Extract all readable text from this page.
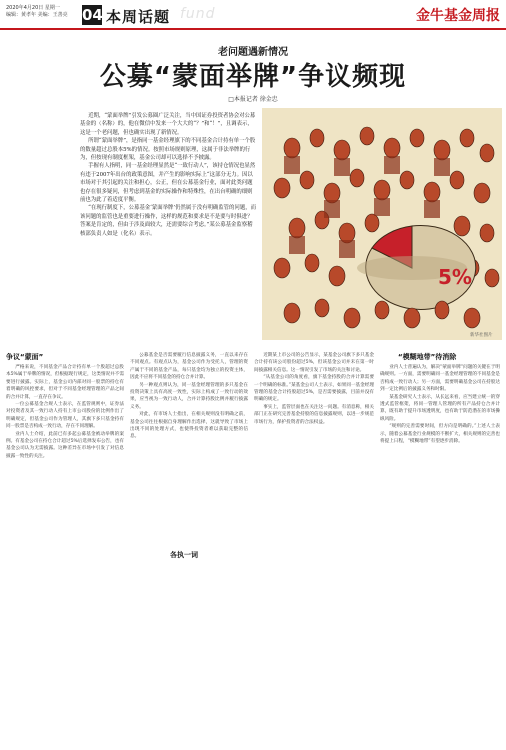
2020年4月20日 星期一
编辑：黄孝年 美编：王善亮 04 本周话题 fund	金牛基金周报
老问题遇新情况
公募“蒙面举牌”争议频现
□本报记者 徐金忠

近期，“蒙面举牌”引发公募圈广泛关注，当中国证券投资者协会对公募基金的（名称）的，他在微信中发来一个大大的“？”和“！”，且调表示，这是一个老问题，但也确实出现了新情况。

所谓“蒙面举牌”，是指同一基金经理旗下的不同基金合计持有单一个股的数量超过总股本5%的情况。按照市场规则原理，这属于非法举牌的行为，但按现有制度框架，基金公司却可以选择不予披露。

手握有人指明，同一基金经理显然是“一致行动人”，该持仓情况也显然有违于2007年出台的政策意图，并产生的影响实际上“这部分无力。因以市场对于其引起的关注和担心，公正，但在公募基金行业，面对此类问题也存在很多疑问，但考虑到基金的实际操作和特殊性，在出台明确的细则前也为此了着适度平衡。

“在现行制度下，公募基金‘蒙面举牌’仍然属于没有明确监管的问题，而该问题的监管也是重要进行操作，这样的规范和要求是不是要与时俱进？答案是肯定的，但由于涉及面较大，还需要综合考虑。”某公募基金监察稽核部负责人如是（化名）表示。

5%
新华社图片
争议“蒙面”

严格来说，不同基金产品合计持有单一个股超过总股本5%属于举牌的情况，但根据现行规定，这类情况并不需要进行披露。实际上，基金公司内部对同一股票的持仓有着明确的风控要求，但对于不同基金经理管理的产品之间的合并计算，一直存在争议。

一位公募基金合规人士表示，在监管规则中，证券法对投资者及其一致行动人持有上市公司股份的比例作出了明确规定，但基金公司作为管理人，其旗下多只基金持有同一股票是否构成一致行动，存在不同理解。

业内人士介绍，此前已有多起公募基金被动举牌的案例。有基金公司在持仓合计超过5%后选择发布公告，也有基金公司认为无需披露。这种差异在市场中引发了对信息披露一致性的关注。

公募基金是否需要履行信息披露义务，一直以来存在不同观点。有观点认为，基金公司作为受托人，管理的资产属于不同的基金产品，每只基金均为独立的投资主体，因此不应将不同基金的持仓合并计算。

另一种观点则认为，同一基金经理管理的多只基金在投资决策上具有高度一致性，实际上构成了一致行动的效果，应当视为一致行动人，合并计算持股比例并履行披露义务。

对此，有市场人士指出，在相关规则没有明确之前，基金公司往往根据自身理解作出选择，这就导致了市场上出现不同的处理方式，也使得投资者难以获取完整的信息。

各执一词

近期某上市公司的公告显示，某基金公司旗下多只基金合计持有该公司股份超过5%，但该基金公司并未在第一时间披露相关信息。这一情况引发了市场的关注和讨论。

“从基金公司的角度看，旗下基金持股的合并计算需要一个明确的标准。”某基金公司人士表示，如果同一基金经理管理的基金合计持股超过5%，是否需要披露，目前并没有明确的规定。

事实上，监管层面也在关注这一问题。有消息称，相关部门正在研究完善基金持股的信息披露规则，以进一步规范市场行为，保护投资者的合法权益。

“模糊地带”待消除

业内人士普遍认为，解决“蒙面举牌”问题的关键在于明确规则。一方面，需要明确同一基金经理管理的不同基金是否构成一致行动人；另一方面，需要明确基金公司在持股达到一定比例后的披露义务和时限。

某基金研究人士表示，从长远来看，应当建立统一的穿透式监管框架，将同一管理人管理的所有产品持仓合并计算，既有助于提升市场透明度，也有助于防范潜在的市场操纵风险。

“规则的完善需要时间，但方向是明确的。”上述人士表示，随着公募基金行业规模的不断扩大，相关规则的完善也将提上日程，“模糊地带”有望逐步消除。
